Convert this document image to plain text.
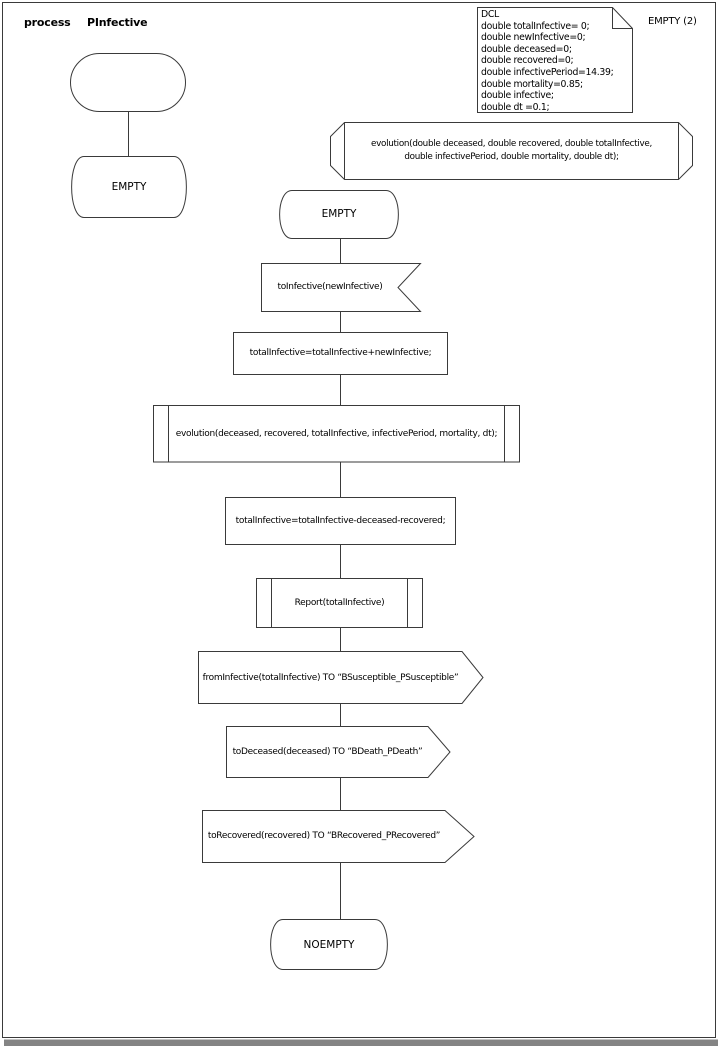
process PInfective	EMPTY (2)
DCL
double totalInfective= 0;
double newInfective=0;
double deceased=0;
double recovered=0;
double infectivePeriod=14.39;
double mortality=0.85;
double infective;
double dt =0.1;
evolution(double deceased, double recovered, double totalInfective,
double infectivePeriod, double mortality, double dt);
EMPTY
EMPTY
toInfective(newInfective)
totalInfective=totalInfective+newInfective;
evolution(deceased, recovered, totalInfective, infectivePeriod, mortality, dt);
totalInfective=totalInfective-deceased-recovered;
Report(totalInfective)
fromInfective(totalInfective) TO “BSusceptible_PSusceptible”
toDeceased(deceased) TO “BDeath_PDeath”
toRecovered(recovered) TO “BRecovered_PRecovered”
NOEMPTY
